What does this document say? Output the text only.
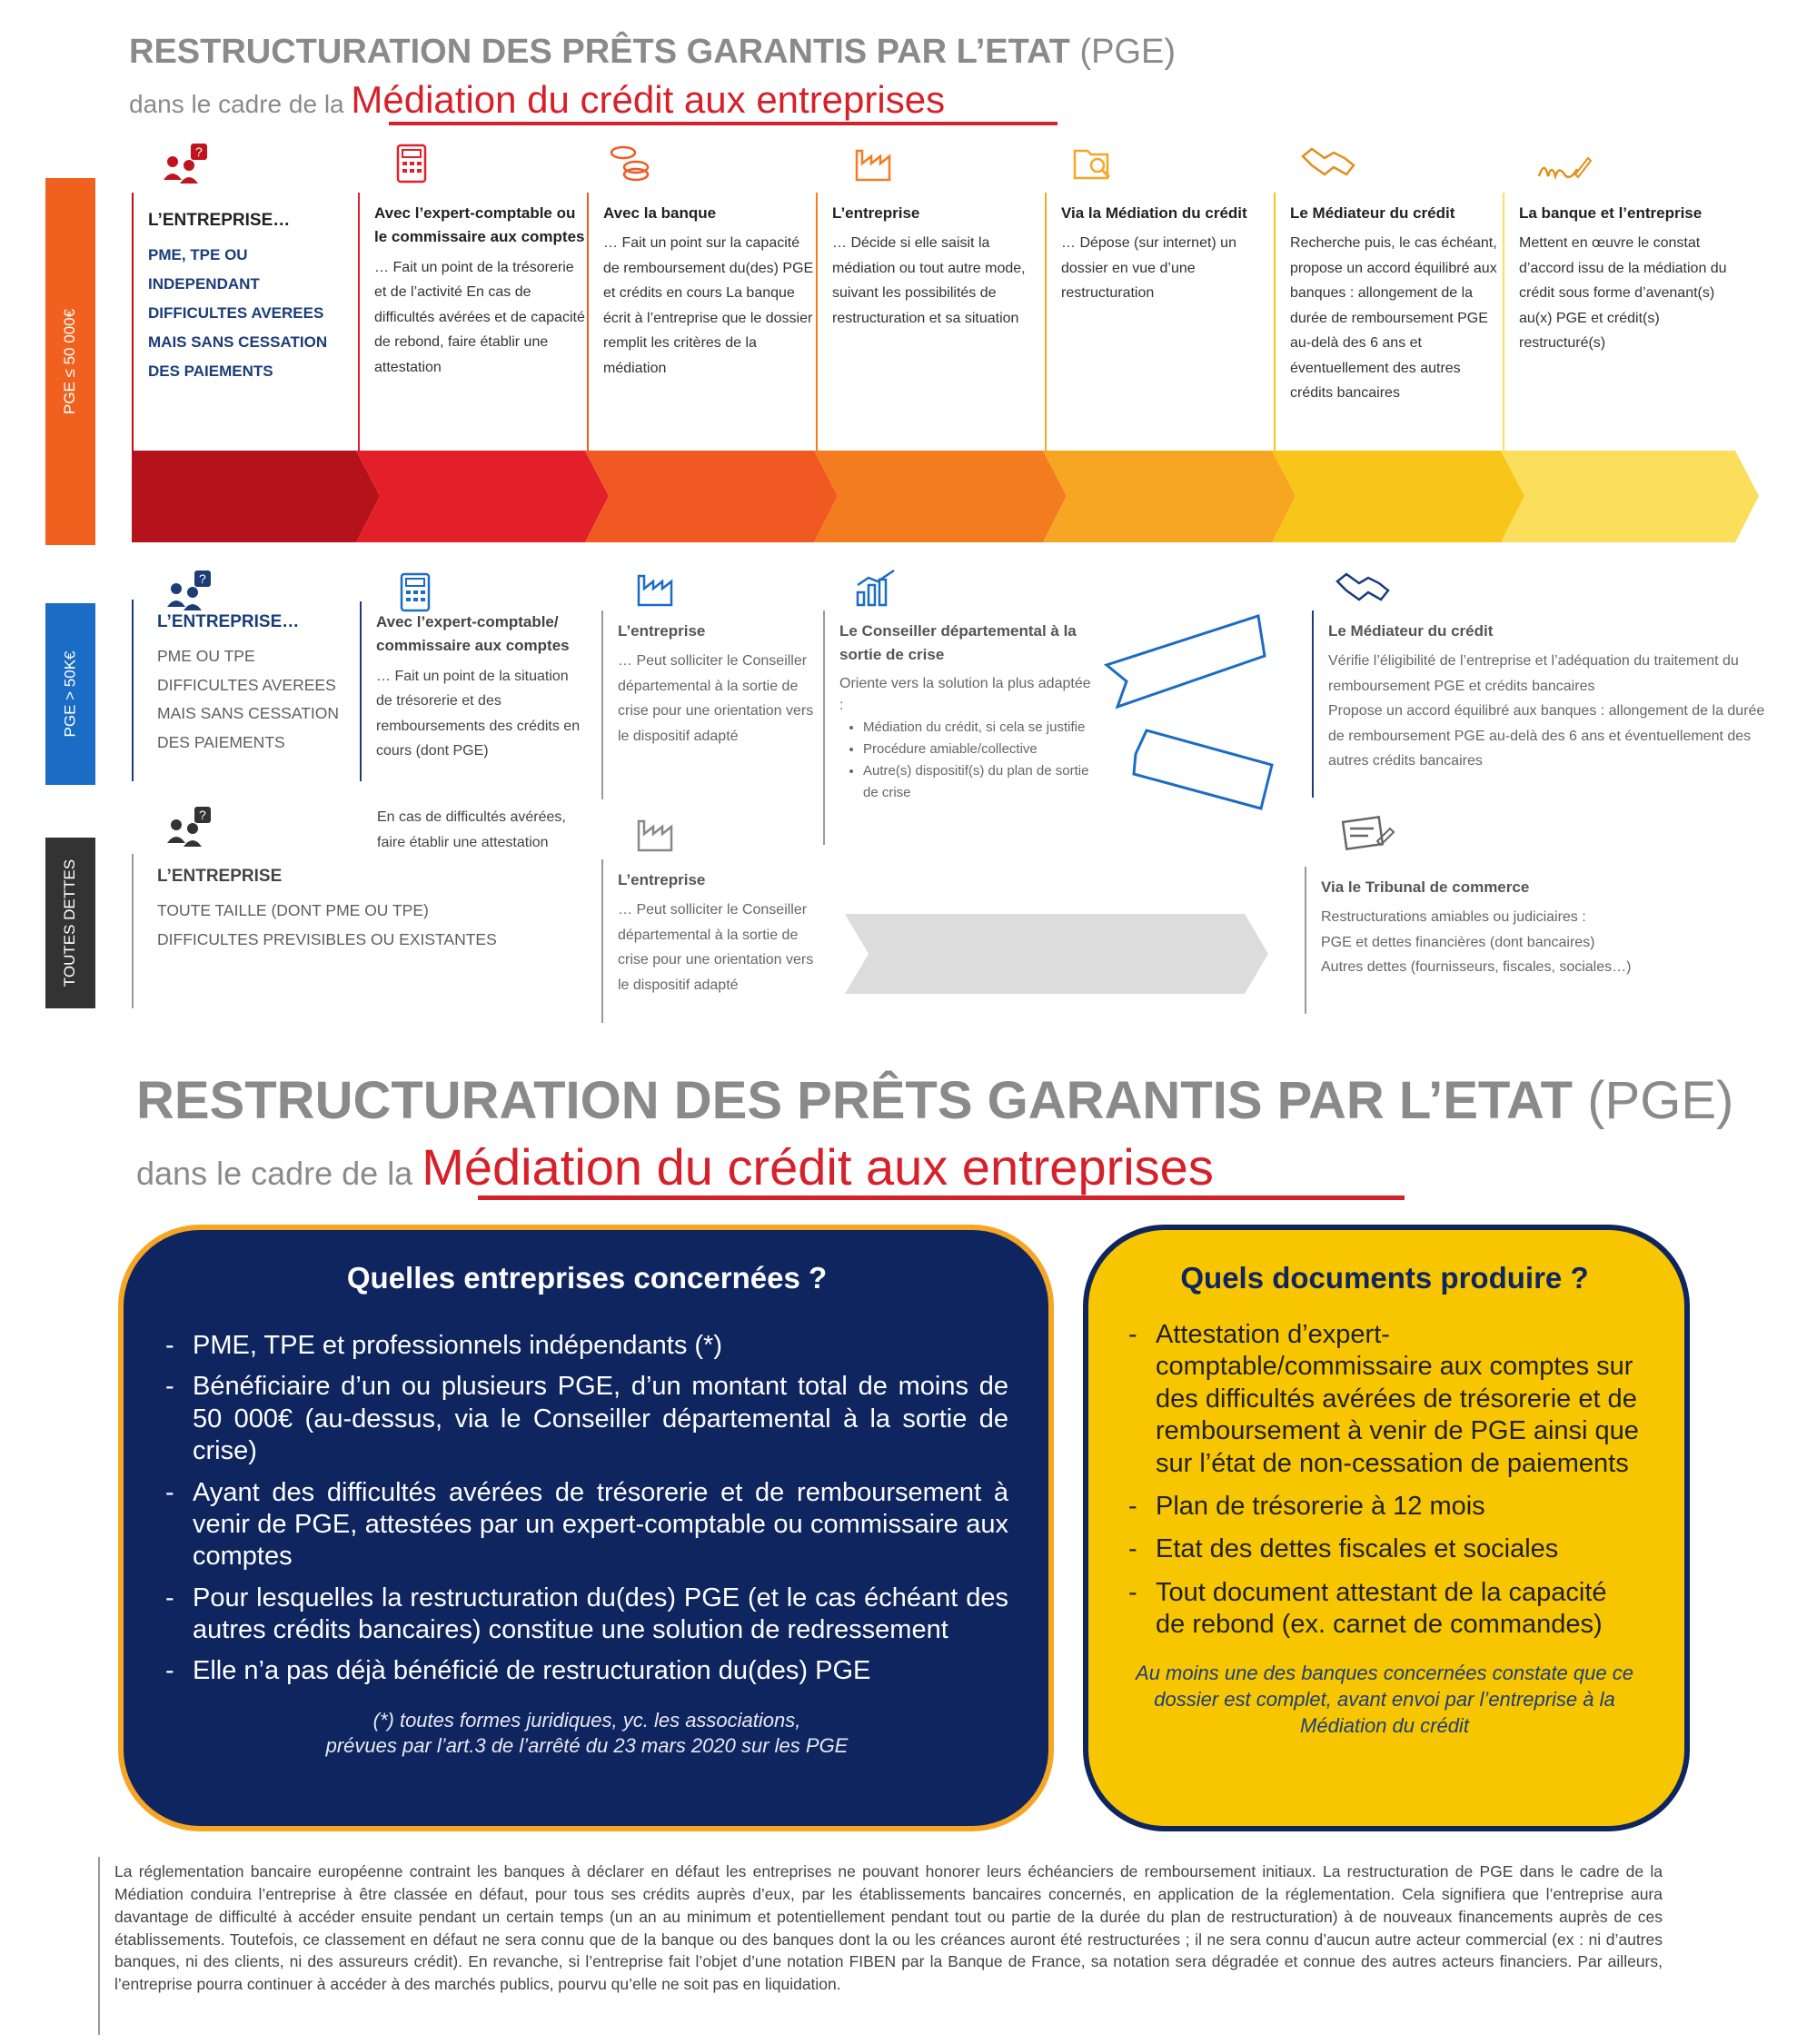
RESTRUCTURATION DES PRÊTS GARANTIS PAR L’ETAT (PGE)
dans le cadre de la Médiation du crédit aux entreprises
PGE ≤ 50 000€
PGE > 50K€
TOUTES DETTES
?
L’ENTREPRISE…

PME, TPE OU INDEPENDANT DIFFICULTES AVEREES MAIS SANS CESSATION DES PAIEMENTS

Avec l’expert-comptable ou le commissaire aux comptes

… Fait un point de la trésorerie et de l’activité En cas de difficultés avérées et de capacité de rebond, faire établir une attestation

Avec la banque

… Fait un point sur la capacité de remboursement du(des) PGE et crédits en cours La banque écrit à l’entreprise que le dossier remplit les critères de la médiation

L’entreprise

… Décide si elle saisit la médiation ou tout autre mode, suivant les possibilités de restructuration et sa situation

Via la Médiation du crédit

… Dépose (sur internet) un dossier en vue d’une restructuration

Le Médiateur du crédit

Recherche puis, le cas échéant, propose un accord équilibré aux banques : allongement de la durée de remboursement PGE au-delà des 6 ans et éventuellement des autres crédits bancaires

La banque et l’entreprise

Mettent en œuvre le constat d’accord issu de la médiation du crédit sous forme d’avenant(s) au(x) PGE et crédit(s) restructuré(s)

?
L’ENTREPRISE…

PME OU TPE DIFFICULTES AVEREES MAIS SANS CESSATION DES PAIEMENTS

Avec l’expert-comptable/ commissaire aux comptes

… Fait un point de la situation de trésorerie et des remboursements des crédits en cours (dont PGE)

En cas de difficultés avérées, faire établir une attestation
L’entreprise

… Peut solliciter le Conseiller départemental à la sortie de crise pour une orientation vers le dispositif adapté

Le Conseiller départemental à la sortie de crise

Oriente vers la solution la plus adaptée :

• Médiation du crédit, si cela se justifie
• Procédure amiable/collective
• Autre(s) dispositif(s) du plan de sortie de crise
Le Médiateur du crédit

Vérifie l’éligibilité de l’entreprise et l’adéquation du traitement du remboursement PGE et crédits bancaires

Propose un accord équilibré aux banques : allongement de la durée de remboursement PGE au-delà des 6 ans et éventuellement des autres crédits bancaires

?
L’ENTREPRISE

TOUTE TAILLE (DONT PME OU TPE) DIFFICULTES PREVISIBLES OU EXISTANTES

L’entreprise

… Peut solliciter le Conseiller départemental à la sortie de crise pour une orientation vers le dispositif adapté

Via le Tribunal de commerce

Restructurations amiables ou judiciaires :

PGE et dettes financières (dont bancaires)

Autres dettes (fournisseurs, fiscales, sociales…)

RESTRUCTURATION DES PRÊTS GARANTIS PAR L’ETAT (PGE)
dans le cadre de la Médiation du crédit aux entreprises
Quelles entreprises concernées ?
- PME, TPE et professionnels indépendants (*)
- Bénéficiaire d’un ou plusieurs PGE, d’un montant total de moins de 50 000€ (au-dessus, via le Conseiller départemental à la sortie de crise)
- Ayant des difficultés avérées de trésorerie et de remboursement à venir de PGE, attestées par un expert-comptable ou commissaire aux comptes
- Pour lesquelles la restructuration du(des) PGE (et le cas échéant des autres crédits bancaires) constitue une solution de redressement
- Elle n’a pas déjà bénéficié de restructuration du(des) PGE
(*) toutes formes juridiques, yc. les associations,
prévues par l’art.3 de l’arrêté du 23 mars 2020 sur les PGE
Quels documents produire ?
- Attestation d’expert-comptable/commissaire aux comptes sur des difficultés avérées de trésorerie et de remboursement à venir de PGE ainsi que sur l’état de non-cessation de paiements
- Plan de trésorerie à 12 mois
- Etat des dettes fiscales et sociales
- Tout document attestant de la capacité de rebond (ex. carnet de commandes)
Au moins une des banques concernées constate que ce dossier est complet, avant envoi par l’entreprise à la Médiation du crédit
La réglementation bancaire européenne contraint les banques à déclarer en défaut les entreprises ne pouvant honorer leurs échéanciers de remboursement initiaux. La restructuration de PGE dans le cadre de la Médiation conduira l’entreprise à être classée en défaut, pour tous ses crédits auprès d’eux, par les établissements bancaires concernés, en application de la réglementation. Cela signifiera que l’entreprise aura davantage de difficulté à accéder ensuite pendant un certain temps (un an au minimum et potentiellement pendant tout ou partie de la durée du plan de restructuration) à de nouveaux financements auprès de ces établissements. Toutefois, ce classement en défaut ne sera connu que de la banque ou des banques dont la ou les créances auront été restructurées ; il ne sera connu d’aucun autre acteur commercial (ex : ni d’autres banques, ni des clients, ni des assureurs crédit). En revanche, si l’entreprise fait l’objet d’une notation FIBEN par la Banque de France, sa notation sera dégradée et connue des autres acteurs financiers. Par ailleurs, l’entreprise pourra continuer à accéder à des marchés publics, pourvu qu’elle ne soit pas en liquidation.
